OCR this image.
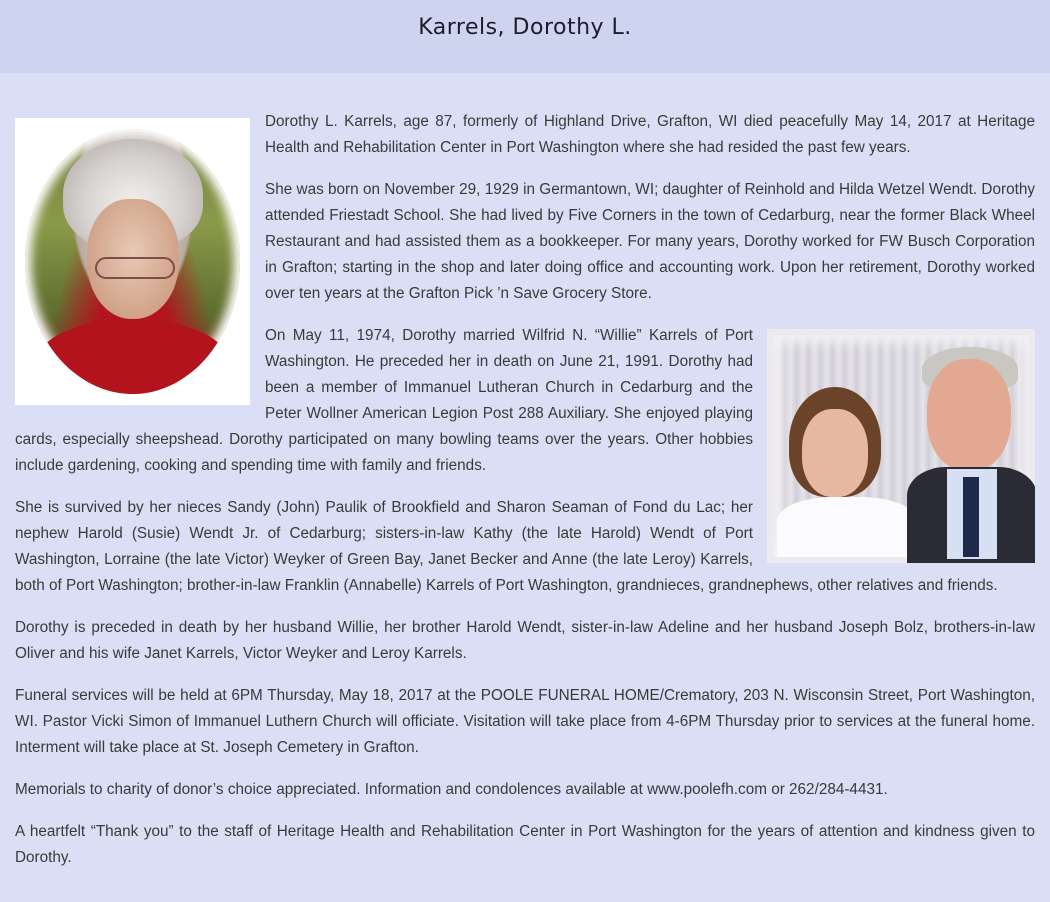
Karrels, Dorothy L.

Dorothy L. Karrels, age 87, formerly of Highland Drive, Grafton, WI died peacefully May 14, 2017 at Heritage Health and Rehabilitation Center in Port Washington where she had resided the past few years.

She was born on November 29, 1929 in Germantown, WI; daughter of Reinhold and Hilda Wetzel Wendt. Dorothy attended Friestadt School. She had lived by Five Corners in the town of Cedarburg, near the former Black Wheel Restaurant and had assisted them as a bookkeeper. For many years, Dorothy worked for FW Busch Corporation in Grafton; starting in the shop and later doing office and accounting work. Upon her retirement, Dorothy worked over ten years at the Grafton Pick ’n Save Grocery Store.

On May 11, 1974, Dorothy married Wilfrid N. “Willie” Karrels of Port Washington. He preceded her in death on June 21, 1991. Dorothy had been a member of Immanuel Lutheran Church in Cedarburg and the Peter Wollner American Legion Post 288 Auxiliary. She enjoyed playing cards, especially sheepshead. Dorothy participated on many bowling teams over the years. Other hobbies include gardening, cooking and spending time with family and friends.

She is survived by her nieces Sandy (John) Paulik of Brookfield and Sharon Seaman of Fond du Lac; her nephew Harold (Susie) Wendt Jr. of Cedarburg; sisters-in-law Kathy (the late Harold) Wendt of Port Washington, Lorraine (the late Victor) Weyker of Green Bay, Janet Becker and Anne (the late Leroy) Karrels, both of Port Washington; brother-in-law Franklin (Annabelle) Karrels of Port Washington, grandnieces, grandnephews, other relatives and friends.

Dorothy is preceded in death by her husband Willie, her brother Harold Wendt, sister-in-law Adeline and her husband Joseph Bolz, brothers-in-law Oliver and his wife Janet Karrels, Victor Weyker and Leroy Karrels.

Funeral services will be held at 6PM Thursday, May 18, 2017 at the POOLE FUNERAL HOME/Crematory, 203 N. Wisconsin Street, Port Washington, WI. Pastor Vicki Simon of Immanuel Luthern Church will officiate. Visitation will take place from 4-6PM Thursday prior to services at the funeral home. Interment will take place at St. Joseph Cemetery in Grafton.

Memorials to charity of donor’s choice appreciated. Information and condolences available at www.poolefh.com or 262/284-4431.

A heartfelt “Thank you” to the staff of Heritage Health and Rehabilitation Center in Port Washington for the years of attention and kindness given to Dorothy.
